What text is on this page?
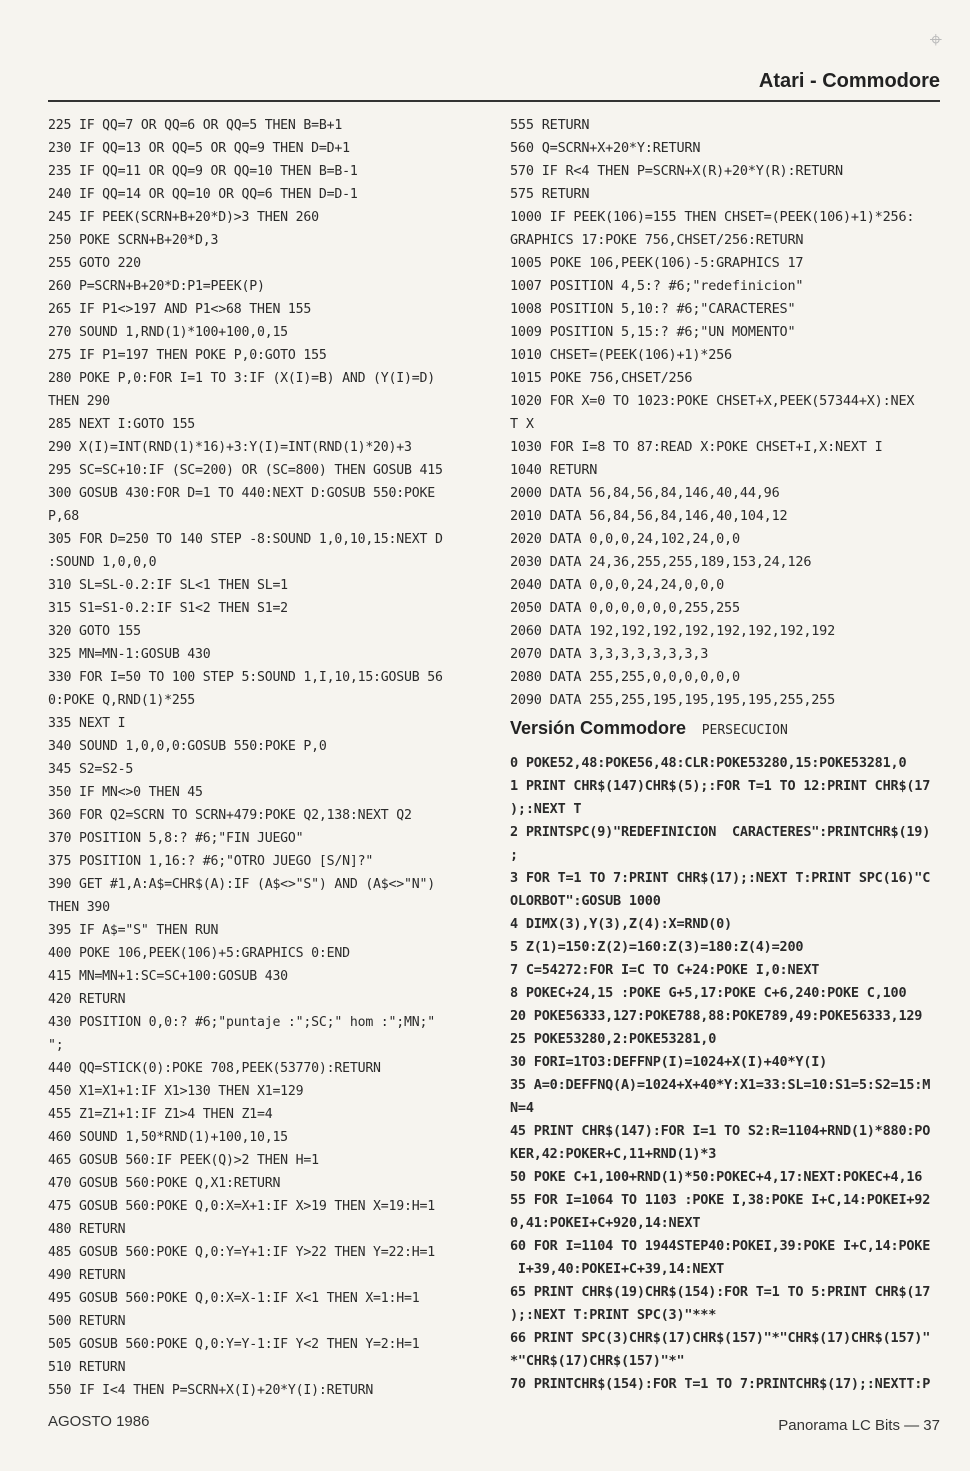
⌖
Atari - Commodore
225 IF QQ=7 OR QQ=6 OR QQ=5 THEN B=B+1
230 IF QQ=13 OR QQ=5 OR QQ=9 THEN D=D+1
235 IF QQ=11 OR QQ=9 OR QQ=10 THEN B=B-1
240 IF QQ=14 OR QQ=10 OR QQ=6 THEN D=D-1
245 IF PEEK(SCRN+B+20*D)>3 THEN 260
250 POKE SCRN+B+20*D,3
255 GOTO 220
260 P=SCRN+B+20*D:P1=PEEK(P)
265 IF P1<>197 AND P1<>68 THEN 155
270 SOUND 1,RND(1)*100+100,0,15
275 IF P1=197 THEN POKE P,0:GOTO 155
280 POKE P,0:FOR I=1 TO 3:IF (X(I)=B) AND (Y(I)=D)
THEN 290
285 NEXT I:GOTO 155
290 X(I)=INT(RND(1)*16)+3:Y(I)=INT(RND(1)*20)+3
295 SC=SC+10:IF (SC=200) OR (SC=800) THEN GOSUB 415
300 GOSUB 430:FOR D=1 TO 440:NEXT D:GOSUB 550:POKE
P,68
305 FOR D=250 TO 140 STEP -8:SOUND 1,0,10,15:NEXT D
:SOUND 1,0,0,0
310 SL=SL-0.2:IF SL<1 THEN SL=1
315 S1=S1-0.2:IF S1<2 THEN S1=2
320 GOTO 155
325 MN=MN-1:GOSUB 430
330 FOR I=50 TO 100 STEP 5:SOUND 1,I,10,15:GOSUB 56
0:POKE Q,RND(1)*255
335 NEXT I
340 SOUND 1,0,0,0:GOSUB 550:POKE P,0
345 S2=S2-5
350 IF MN<>0 THEN 45
360 FOR Q2=SCRN TO SCRN+479:POKE Q2,138:NEXT Q2
370 POSITION 5,8:? #6;"FIN JUEGO"
375 POSITION 1,16:? #6;"OTRO JUEGO [S/N]?"
390 GET #1,A:A$=CHR$(A):IF (A$<>"S") AND (A$<>"N")
THEN 390
395 IF A$="S" THEN RUN
400 POKE 106,PEEK(106)+5:GRAPHICS 0:END
415 MN=MN+1:SC=SC+100:GOSUB 430
420 RETURN
430 POSITION 0,0:? #6;"puntaje :";SC;" hom :";MN;"
";
440 QQ=STICK(0):POKE 708,PEEK(53770):RETURN
450 X1=X1+1:IF X1>130 THEN X1=129
455 Z1=Z1+1:IF Z1>4 THEN Z1=4
460 SOUND 1,50*RND(1)+100,10,15
465 GOSUB 560:IF PEEK(Q)>2 THEN H=1
470 GOSUB 560:POKE Q,X1:RETURN
475 GOSUB 560:POKE Q,0:X=X+1:IF X>19 THEN X=19:H=1
480 RETURN
485 GOSUB 560:POKE Q,0:Y=Y+1:IF Y>22 THEN Y=22:H=1
490 RETURN
495 GOSUB 560:POKE Q,0:X=X-1:IF X<1 THEN X=1:H=1
500 RETURN
505 GOSUB 560:POKE Q,0:Y=Y-1:IF Y<2 THEN Y=2:H=1
510 RETURN
550 IF I<4 THEN P=SCRN+X(I)+20*Y(I):RETURN
555 RETURN
560 Q=SCRN+X+20*Y:RETURN
570 IF R<4 THEN P=SCRN+X(R)+20*Y(R):RETURN
575 RETURN
1000 IF PEEK(106)=155 THEN CHSET=(PEEK(106)+1)*256:
GRAPHICS 17:POKE 756,CHSET/256:RETURN
1005 POKE 106,PEEK(106)-5:GRAPHICS 17
1007 POSITION 4,5:? #6;"redefinicion"
1008 POSITION 5,10:? #6;"CARACTERES"
1009 POSITION 5,15:? #6;"UN MOMENTO"
1010 CHSET=(PEEK(106)+1)*256
1015 POKE 756,CHSET/256
1020 FOR X=0 TO 1023:POKE CHSET+X,PEEK(57344+X):NEX
T X
1030 FOR I=8 TO 87:READ X:POKE CHSET+I,X:NEXT I
1040 RETURN
2000 DATA 56,84,56,84,146,40,44,96
2010 DATA 56,84,56,84,146,40,104,12
2020 DATA 0,0,0,24,102,24,0,0
2030 DATA 24,36,255,255,189,153,24,126
2040 DATA 0,0,0,24,24,0,0,0
2050 DATA 0,0,0,0,0,0,255,255
2060 DATA 192,192,192,192,192,192,192,192
2070 DATA 3,3,3,3,3,3,3,3
2080 DATA 255,255,0,0,0,0,0,0
2090 DATA 255,255,195,195,195,195,255,255
Versión Commodore PERSECUCION
0 POKE52,48:POKE56,48:CLR:POKE53280,15:POKE53281,0
1 PRINT CHR$(147)CHR$(5);:FOR T=1 TO 12:PRINT CHR$(17
);:NEXT T
2 PRINTSPC(9)"REDEFINICION  CARACTERES":PRINTCHR$(19)
;
3 FOR T=1 TO 7:PRINT CHR$(17);:NEXT T:PRINT SPC(16)"C
OLORBOT":GOSUB 1000
4 DIMX(3),Y(3),Z(4):X=RND(0)
5 Z(1)=150:Z(2)=160:Z(3)=180:Z(4)=200
7 C=54272:FOR I=C TO C+24:POKE I,0:NEXT
8 POKEC+24,15 :POKE G+5,17:POKE C+6,240:POKE C,100
20 POKE56333,127:POKE788,88:POKE789,49:POKE56333,129
25 POKE53280,2:POKE53281,0
30 FORI=1TO3:DEFFNP(I)=1024+X(I)+40*Y(I)
35 A=0:DEFFNQ(A)=1024+X+40*Y:X1=33:SL=10:S1=5:S2=15:M
N=4
45 PRINT CHR$(147):FOR I=1 TO S2:R=1104+RND(1)*880:PO
KER,42:POKER+C,11+RND(1)*3
50 POKE C+1,100+RND(1)*50:POKEC+4,17:NEXT:POKEC+4,16
55 FOR I=1064 TO 1103 :POKE I,38:POKE I+C,14:POKEI+92
0,41:POKEI+C+920,14:NEXT
60 FOR I=1104 TO 1944STEP40:POKEI,39:POKE I+C,14:POKE
I+39,40:POKEI+C+39,14:NEXT
65 PRINT CHR$(19)CHR$(154):FOR T=1 TO 5:PRINT CHR$(17
);:NEXT T:PRINT SPC(3)"***
66 PRINT SPC(3)CHR$(17)CHR$(157)"*"CHR$(17)CHR$(157)"
*"CHR$(17)CHR$(157)"*"
70 PRINTCHR$(154):FOR T=1 TO 7:PRINTCHR$(17);:NEXTT:P
AGOSTO 1986	Panorama LC Bits — 37
